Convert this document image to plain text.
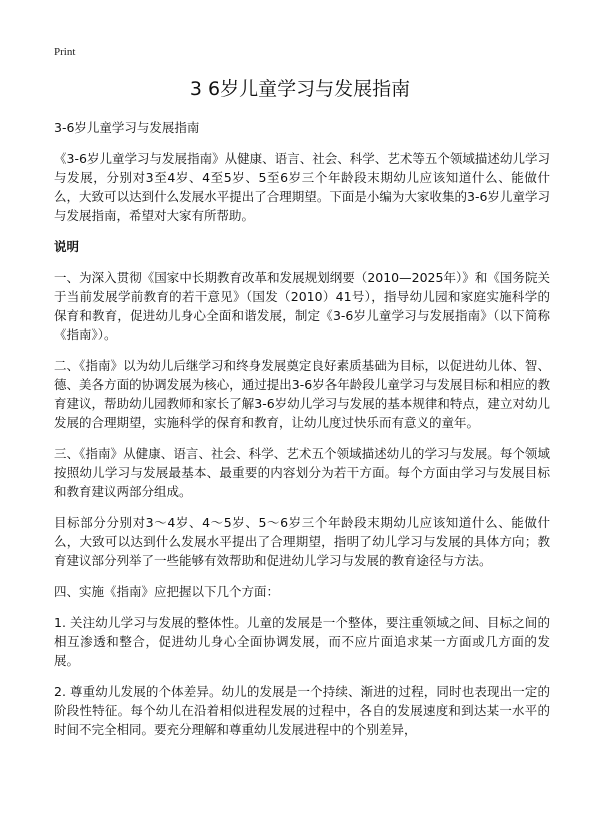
Print
3 6岁儿童学习与发展指南

3-6岁儿童学习与发展指南

《3-6岁儿童学习与发展指南》从健康、语言、社会、科学、艺术等五个领域描述幼儿学习与发展，分别对3至4岁、4至5岁、5至6岁三个年龄段末期幼儿应该知道什么、能做什么，大致可以达到什么发展水平提出了合理期望。下面是小编为大家收集的3-6岁儿童学习与发展指南，希望对大家有所帮助。

说明

一、为深入贯彻《国家中长期教育改革和发展规划纲要（2010—2025年）》和《国务院关于当前发展学前教育的若干意见》（国发（2010）41号），指导幼儿园和家庭实施科学的保育和教育，促进幼儿身心全面和谐发展，制定《3-6岁儿童学习与发展指南》（以下简称《指南》）。

二、《指南》以为幼儿后继学习和终身发展奠定良好素质基础为目标，以促进幼儿体、智、德、美各方面的协调发展为核心，通过提出3-6岁各年龄段儿童学习与发展目标和相应的教育建议，帮助幼儿园教师和家长了解3-6岁幼儿学习与发展的基本规律和特点，建立对幼儿发展的合理期望，实施科学的保育和教育，让幼儿度过快乐而有意义的童年。

三、《指南》从健康、语言、社会、科学、艺术五个领域描述幼儿的学习与发展。每个领域按照幼儿学习与发展最基本、最重要的内容划分为若干方面。每个方面由学习与发展目标和教育建议两部分组成。

目标部分分别对3～4岁、4～5岁、5～6岁三个年龄段末期幼儿应该知道什么、能做什么，大致可以达到什么发展水平提出了合理期望，指明了幼儿学习与发展的具体方向；教育建议部分列举了一些能够有效帮助和促进幼儿学习与发展的教育途径与方法。

四、实施《指南》应把握以下几个方面：

1. 关注幼儿学习与发展的整体性。儿童的发展是一个整体，要注重领域之间、目标之间的相互渗透和整合，促进幼儿身心全面协调发展，而不应片面追求某一方面或几方面的发展。

2. 尊重幼儿发展的个体差异。幼儿的发展是一个持续、渐进的过程，同时也表现出一定的阶段性特征。每个幼儿在沿着相似进程发展的过程中，各自的发展速度和到达某一水平的时间不完全相同。要充分理解和尊重幼儿发展进程中的个别差异，
